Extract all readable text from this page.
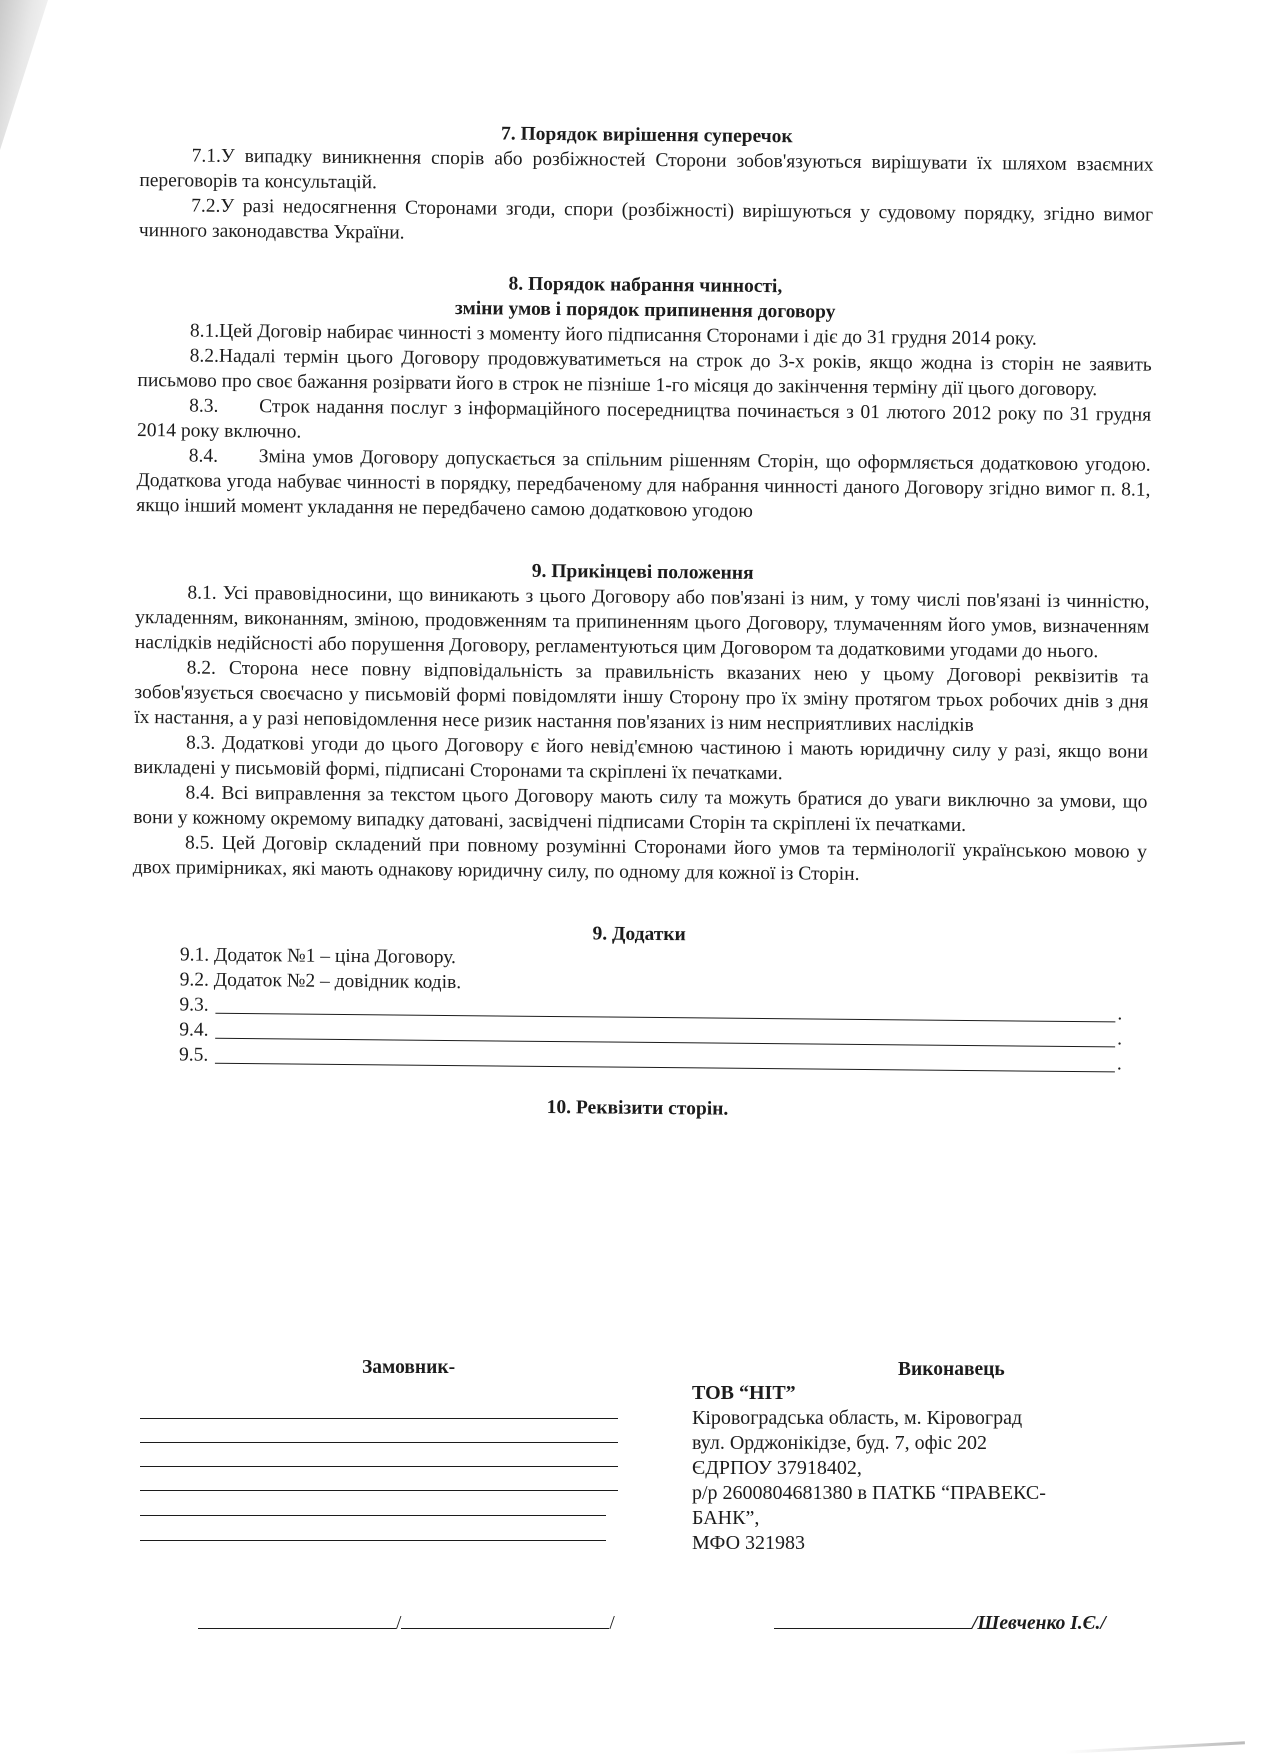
7. Порядок вирішення суперечок

7.1.У випадку виникнення спорів або розбіжностей Сторони зобов'язуються вирішувати їх шляхом взаємних переговорів та консультацій.

7.2.У разі недосягнення Сторонами згоди, спори (розбіжності) вирішуються у судовому порядку, згідно вимог чинного законодавства України.

8. Порядок набрання чинності,

зміни умов і порядок припинення договору

8.1.Цей Договір набирає чинності з моменту його підписання Сторонами і діє до 31 грудня 2014 року.

8.2.Надалі термін цього Договору продовжуватиметься на строк до 3-х років, якщо жодна із сторін не заявить письмово про своє бажання розірвати його в строк не пізніше 1-го місяця до закінчення терміну дії цього договору.

8.3. Строк надання послуг з інформаційного посередництва починається з 01 лютого 2012 року по 31 грудня 2014 року включно.

8.4. Зміна умов Договору допускається за спільним рішенням Сторін, що оформляється додатковою угодою. Додаткова угода набуває чинності в порядку, передбаченому для набрання чинності даного Договору згідно вимог п. 8.1, якщо інший момент укладання не передбачено самою додатковою угодою

9. Прикінцеві положення

8.1. Усі правовідносини, що виникають з цього Договору або пов'язані із ним, у тому числі пов'язані із чинністю, укладенням, виконанням, зміною, продовженням та припиненням цього Договору, тлумаченням його умов, визначенням наслідків недійсності або порушення Договору, регламентуються цим Договором та додатковими угодами до нього.

8.2. Сторона несе повну відповідальність за правильність вказаних нею у цьому Договорі реквізитів та зобов'язується своєчасно у письмовій формі повідомляти іншу Сторону про їх зміну протягом трьох робочих днів з дня їх настання, а у разі неповідомлення несе ризик настання пов'язаних із ним несприятливих наслідків

8.3. Додаткові угоди до цього Договору є його невід'ємною частиною і мають юридичну силу у разі, якщо вони викладені у письмовій формі, підписані Сторонами та скріплені їх печатками.

8.4. Всі виправлення за текстом цього Договору мають силу та можуть братися до уваги виключно за умови, що вони у кожному окремому випадку датовані, засвідчені підписами Сторін та скріплені їх печатками.

8.5. Цей Договір складений при повному розумінні Сторонами його умов та термінології українською мовою у двох примірниках, які мають однакову юридичну силу, по одному для кожної із Сторін.

9. Додатки

9.1. Додаток №1 – ціна Договору.

9.2. Додаток №2 – довідник кодів.

9.3.	.
9.4.	.
9.5.	.

10. Реквізити сторін.

Замовник-	Виконавець

ТОВ “НІТ”

Кіровоградська область, м. Кіровоград

вул. Орджонікідзе, буд. 7, офіс 202

ЄДРПОУ 37918402,

р/р 2600804681380 в ПАТКБ “ПРАВЕКС-

БАНК”,

МФО 321983

/	/	/Шевченко І.Є./
